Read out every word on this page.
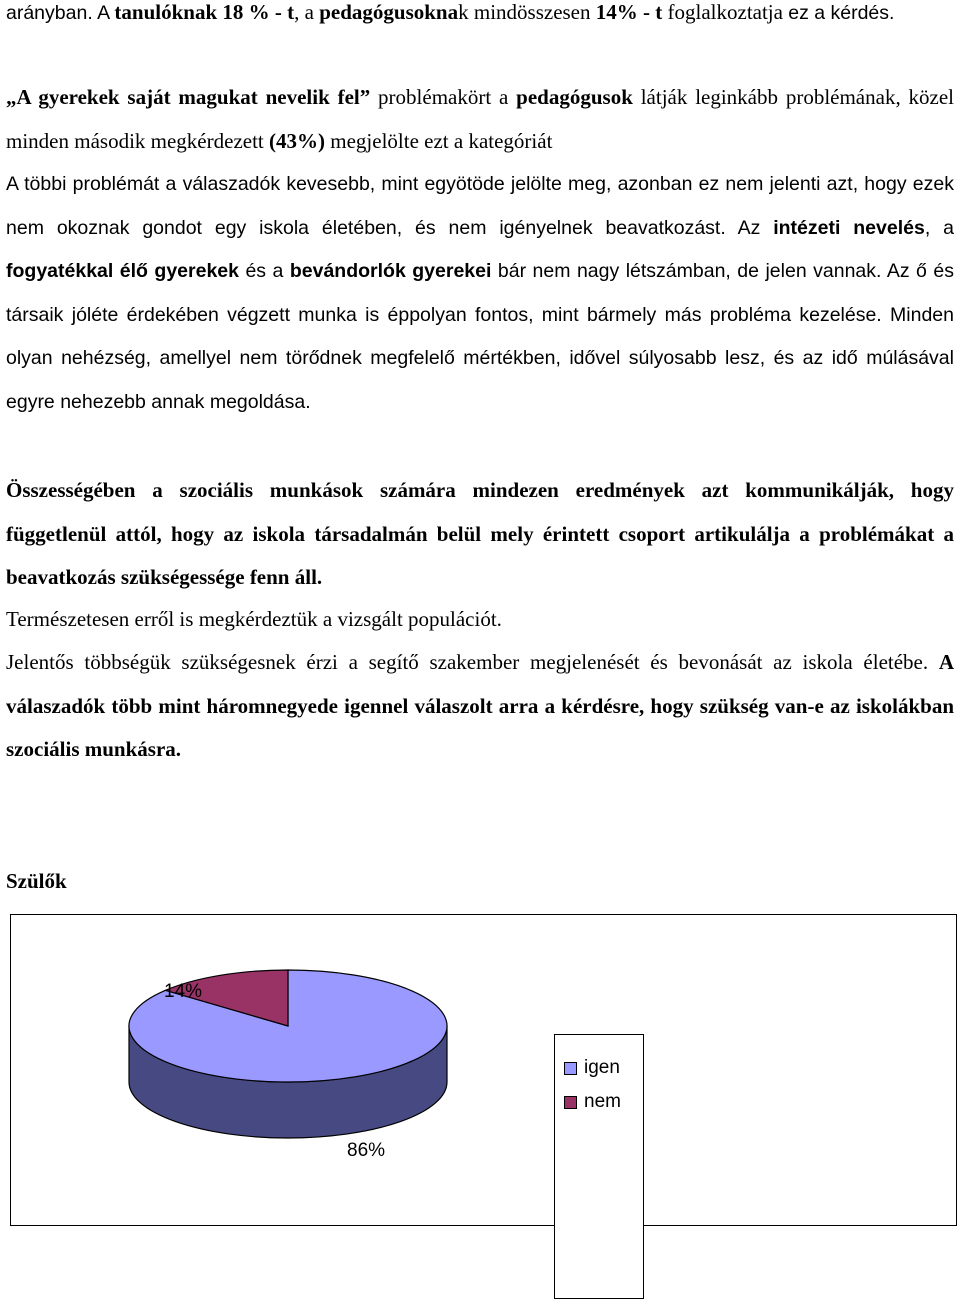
arányban. A tanulóknak 18 % - t, a pedagógusoknak mindösszesen 14% - t foglalkoztatja ez a kérdés.

„A gyerekek saját magukat nevelik fel” problémakört a pedagógusok látják leginkább problémának, közel minden második megkérdezett (43%) megjelölte ezt a kategóriát

A többi problémát a válaszadók kevesebb, mint egyötöde jelölte meg, azonban ez nem jelenti azt, hogy ezek nem okoznak gondot egy iskola életében, és nem igényelnek beavatkozást. Az intézeti nevelés, a fogyatékkal élő gyerekek és a bevándorlók gyerekei bár nem nagy létszámban, de jelen vannak. Az ő és társaik jóléte érdekében végzett munka is éppolyan fontos, mint bármely más probléma kezelése. Minden olyan nehézség, amellyel nem törődnek megfelelő mértékben, idővel súlyosabb lesz, és az idő múlásával egyre nehezebb annak megoldása.

Összességében a szociális munkások számára mindezen eredmények azt kommunikálják, hogy függetlenül attól, hogy az iskola társadalmán belül mely érintett csoport artikulálja a problémákat a beavatkozás szükségessége fenn áll.

Természetesen erről is megkérdeztük a vizsgált populációt.

Jelentős többségük szükségesnek érzi a segítő szakember megjelenését és bevonását az iskola életébe. A válaszadók több mint háromnegyede igennel válaszolt arra a kérdésre, hogy szükség van-e az iskolákban szociális munkásra.

Szülők
igen
nem
14%
86%
